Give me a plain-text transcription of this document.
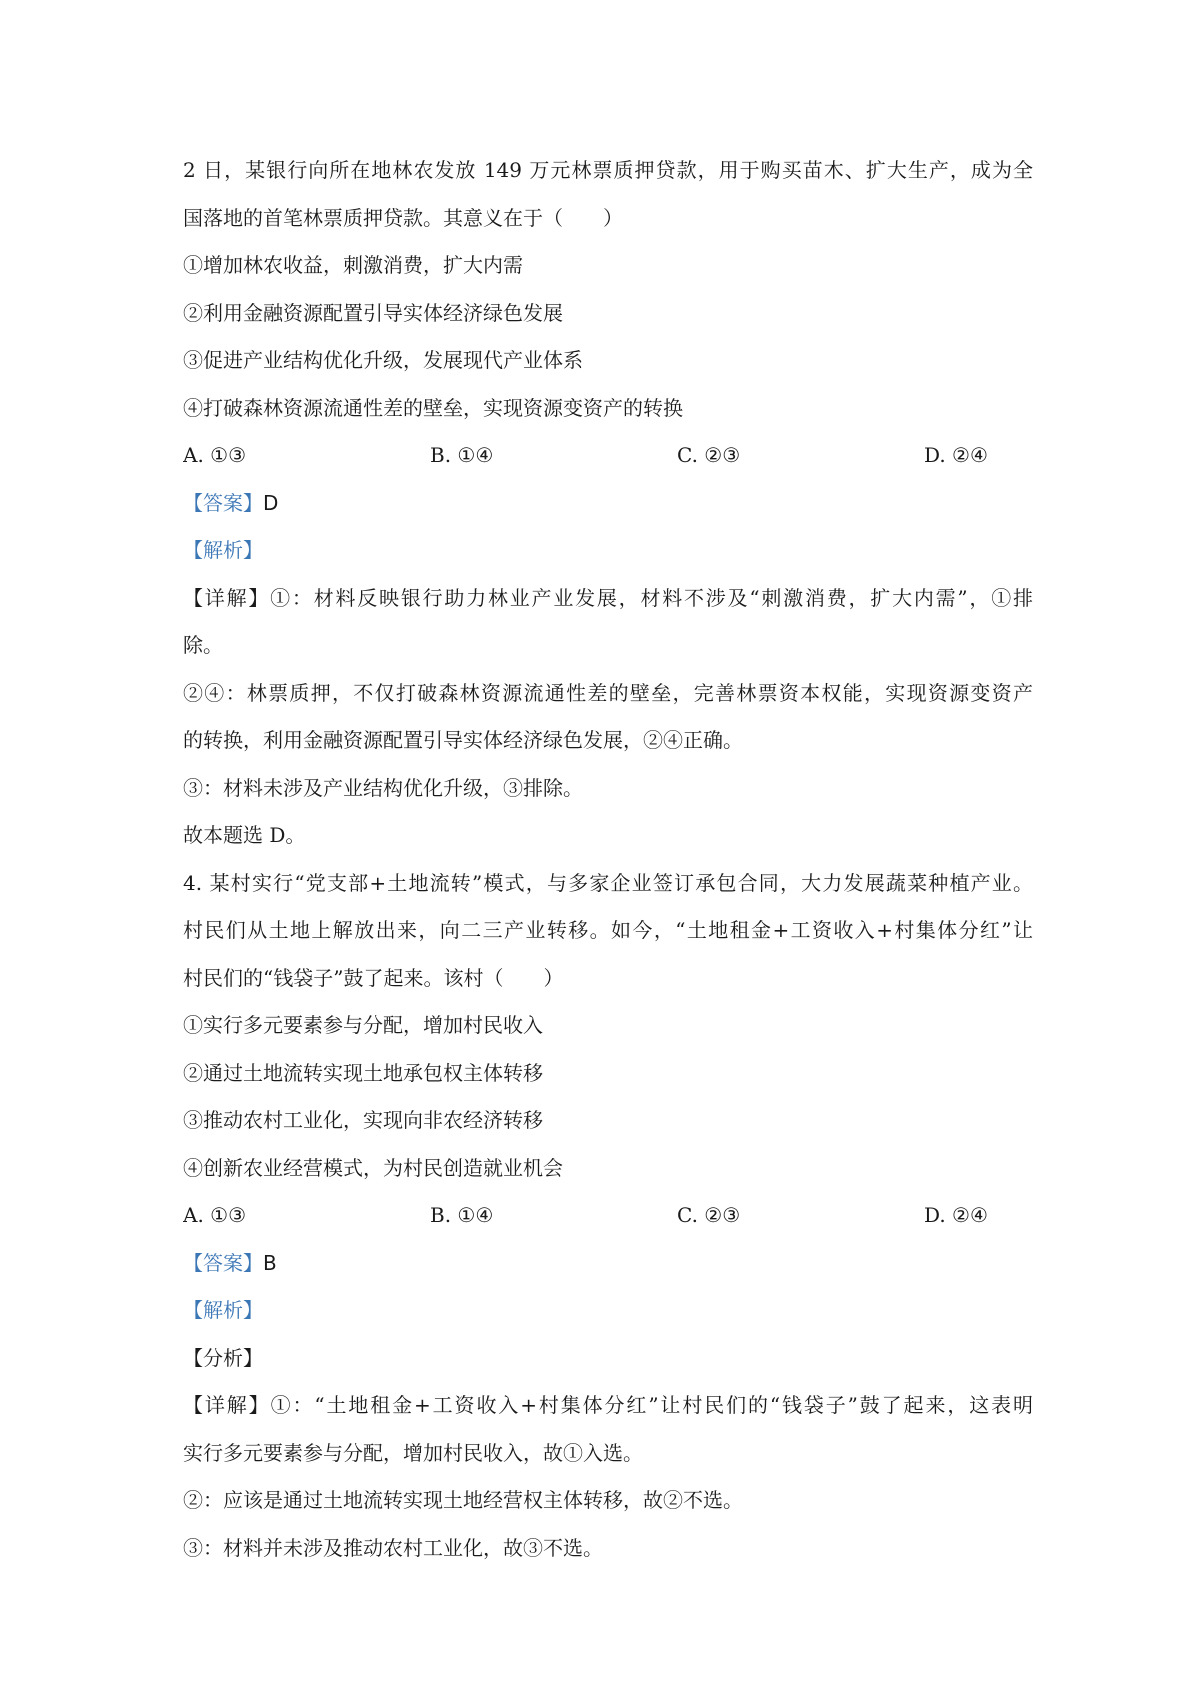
2 日，某银行向所在地林农发放 149 万元林票质押贷款，用于购买苗木、扩大生产，成为全
国落地的首笔林票质押贷款。其意义在于（　　）
①增加林农收益，刺激消费，扩大内需
②利用金融资源配置引导实体经济绿色发展
③促进产业结构优化升级，发展现代产业体系
④打破森林资源流通性差的壁垒，实现资源变资产的转换
A. ①③	B. ①④	C. ②③	D. ②④
【答案】D
【解析】
【详解】①：材料反映银行助力林业产业发展，材料不涉及“刺激消费，扩大内需”，①排
除。
②④：林票质押，不仅打破森林资源流通性差的壁垒，完善林票资本权能，实现资源变资产
的转换，利用金融资源配置引导实体经济绿色发展，②④正确。
③：材料未涉及产业结构优化升级，③排除。
故本题选 D。
4. 某村实行“党支部+土地流转”模式，与多家企业签订承包合同，大力发展蔬菜种植产业。
村民们从土地上解放出来，向二三产业转移。如今，“土地租金+工资收入+村集体分红”让
村民们的“钱袋子”鼓了起来。该村（　　）
①实行多元要素参与分配，增加村民收入
②通过土地流转实现土地承包权主体转移
③推动农村工业化，实现向非农经济转移
④创新农业经营模式，为村民创造就业机会
A. ①③	B. ①④	C. ②③	D. ②④
【答案】B
【解析】
【分析】
【详解】①：“土地租金+工资收入+村集体分红”让村民们的“钱袋子”鼓了起来，这表明
实行多元要素参与分配，增加村民收入，故①入选。
②：应该是通过土地流转实现土地经营权主体转移，故②不选。
③：材料并未涉及推动农村工业化，故③不选。
